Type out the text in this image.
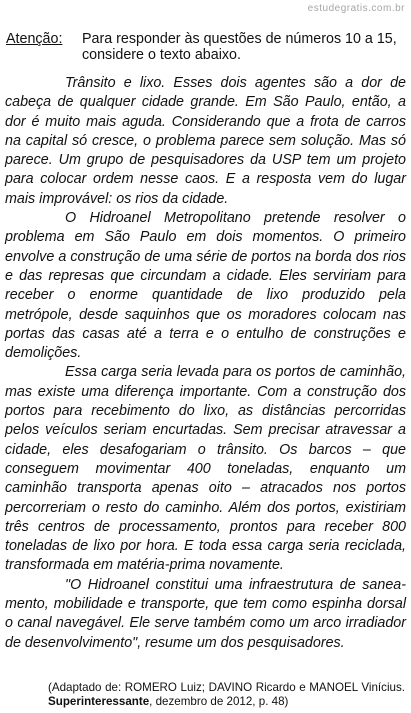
estudegratis.com.br
Atenção: Para responder às questões de números 10 a 15, considere o texto abaixo.

Trânsito e lixo. Esses dois agentes são a dor de cabeça de qualquer cidade grande. Em São Paulo, então, a dor é muito mais aguda. Considerando que a frota de carros na capital só cresce, o problema parece sem solução. Mas só parece. Um grupo de pesquisadores da USP tem um projeto para colocar ordem nesse caos. E a resposta vem do lugar mais improvável: os rios da cidade.

O Hidroanel Metropolitano pretende resolver o problema em São Paulo em dois momentos. O primeiro envolve a construção de uma série de portos na borda dos rios e das represas que circundam a cidade. Eles serviriam para receber o enorme quantidade de lixo produzido pela metrópole, desde saquinhos que os moradores colocam nas portas das casas até a terra e o entulho de construções e demolições.

Essa carga seria levada para os portos de caminhão, mas existe uma diferença importante. Com a construção dos portos para recebimento do lixo, as distâncias percorridas pelos veículos seriam encurtadas. Sem precisar atravessar a cidade, eles desafogariam o trânsito. Os barcos – que conseguem movimentar 400 toneladas, enquanto um caminhão transporta apenas oito – atracados nos portos percorreriam o resto do caminho. Além dos portos, existiriam três centros de processamento, prontos para receber 800 toneladas de lixo por hora. E toda essa carga seria reciclada, transformada em matéria-prima novamente.

"O Hidroanel constitui uma infraestrutura de saneamento, mobilidade e transporte, que tem como espinha dorsal o canal navegável. Ele serve também como um arco irradiador de desenvolvimento", resume um dos pesquisadores.

(Adaptado de: ROMERO Luiz; DAVINO Ricardo e MANOEL Vinícius. Superinteressante, dezembro de 2012, p. 48)
